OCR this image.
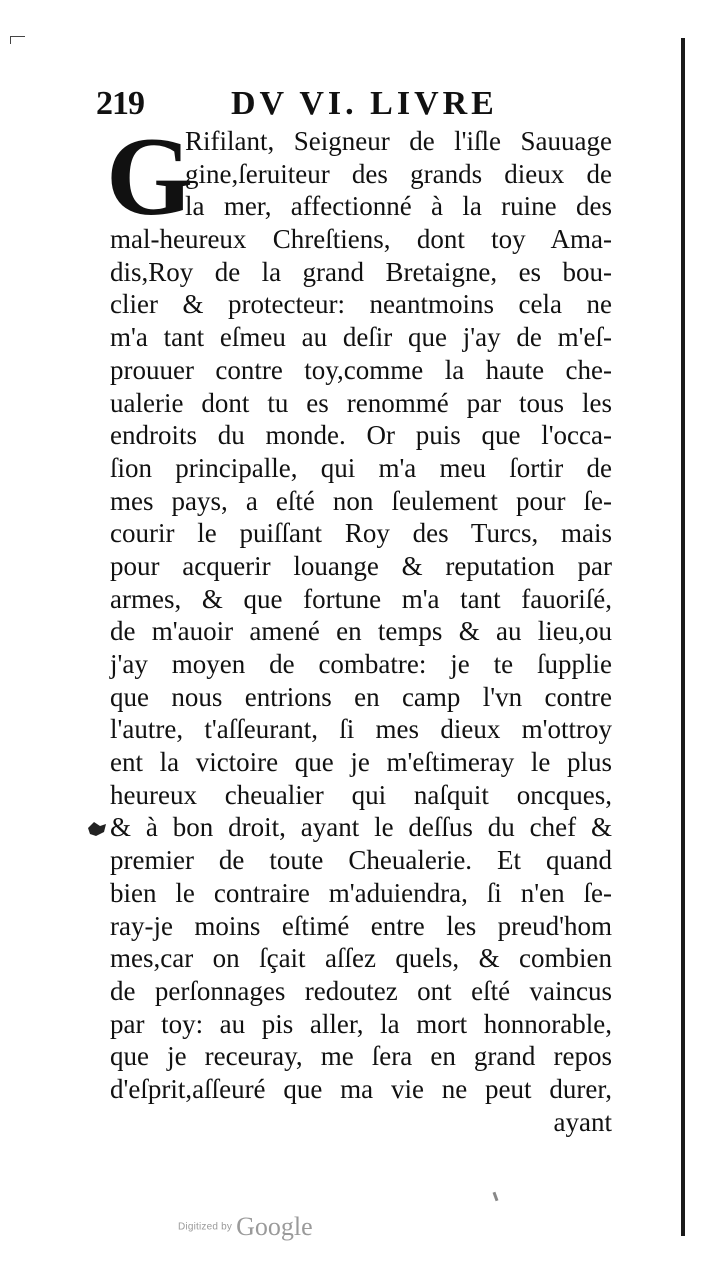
219	DV VI. LIVRE
G
Rifilant, Seigneur de l'iſle Sauuage
gine,ſeruiteur des grands dieux de
la mer, affectionné à la ruine des
mal-heureux Chreſtiens, dont toy Ama-
dis,Roy de la grand Bretaigne, es bou-
clier & protecteur: neantmoins cela ne
m'a tant eſmeu au deſir que j'ay de m'eſ-
prouuer contre toy,comme la haute che-
ualerie dont tu es renommé par tous les
endroits du monde. Or puis que l'occa-
ſion principalle, qui m'a meu ſortir de
mes pays, a eſté non ſeulement pour ſe-
courir le puiſſant Roy des Turcs, mais
pour acquerir louange & reputation par
armes, & que fortune m'a tant fauoriſé,
de m'auoir amené en temps & au lieu,ou
j'ay moyen de combatre: je te ſupplie
que nous entrions en camp l'vn contre
l'autre, t'aſſeurant, ſi mes dieux m'ottroy
ent la victoire que je m'eſtimeray le plus
heureux cheualier qui naſquit oncques,
& à bon droit, ayant le deſſus du chef &
premier de toute Cheualerie. Et quand
bien le contraire m'aduiendra, ſi n'en ſe-
ray-je moins eſtimé entre les preud'hom
mes,car on ſçait aſſez quels, & combien
de perſonnages redoutez ont eſté vaincus
par toy: au pis aller, la mort honnorable,
que je receuray, me ſera en grand repos
d'eſprit,aſſeuré que ma vie ne peut durer,
ayant
Digitized by Google
